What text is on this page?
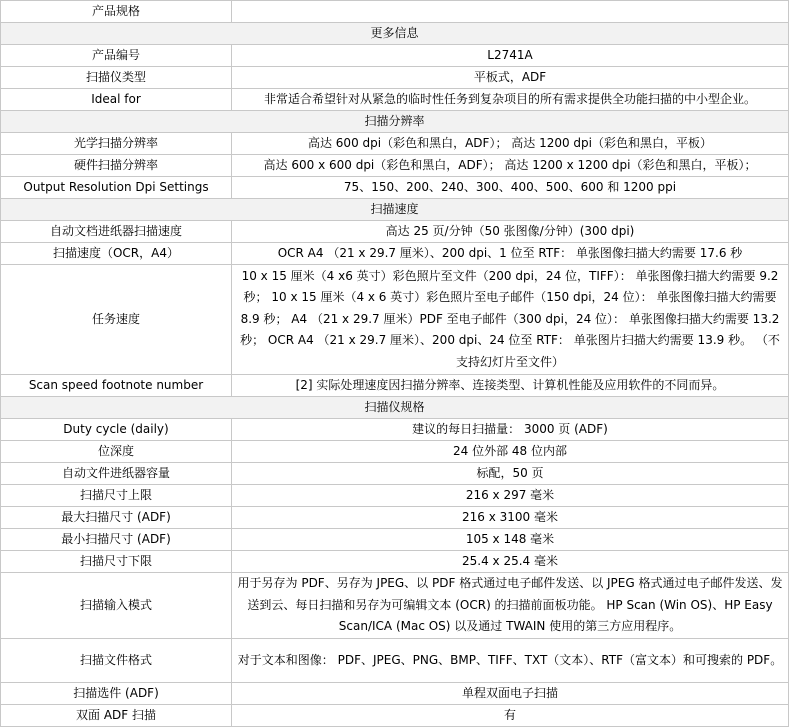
产品规格	
更多信息	
产品编号	L2741A
扫描仪类型	平板式，ADF
Ideal for	非常适合希望针对从紧急的临时性任务到复杂项目的所有需求提供全功能扫描的中小型企业。
扫描分辨率	
光学扫描分辨率	高达 600 dpi（彩色和黑白，ADF）； 高达 1200 dpi（彩色和黑白，平板）
硬件扫描分辨率	高达 600 x 600 dpi（彩色和黑白，ADF）； 高达 1200 x 1200 dpi（彩色和黑白，平板）；
Output Resolution Dpi Settings	75、150、200、240、300、400、500、600 和 1200 ppi
扫描速度	
自动文档进纸器扫描速度	高达 25 页/分钟（50 张图像/分钟）(300 dpi)
扫描速度（OCR，A4）	OCR A4 （21 x 29.7 厘米）、200 dpi、1 位至 RTF： 单张图像扫描大约需要 17.6 秒
任务速度	10 x 15 厘米（4 x6 英寸）彩色照片至文件（200 dpi，24 位，TIFF）： 单张图像扫描大约需要 9.2 秒； 10 x 15 厘米（4 x 6 英寸）彩色照片至电子邮件（150 dpi，24 位）： 单张图像扫描大约需要 8.9 秒； A4 （21 x 29.7 厘米）PDF 至电子邮件（300 dpi，24 位）： 单张图像扫描大约需要 13.2 秒； OCR A4 （21 x 29.7 厘米）、200 dpi、24 位至 RTF： 单张图片扫描大约需要 13.9 秒。 （不支持幻灯片至文件）
Scan speed footnote number	[2] 实际处理速度因扫描分辨率、连接类型、计算机性能及应用软件的不同而异。
扫描仪规格	
Duty cycle (daily)	建议的每日扫描量： 3000 页 (ADF)
位深度	24 位外部 48 位内部
自动文件进纸器容量	标配，50 页
扫描尺寸上限	216 x 297 毫米
最大扫描尺寸 (ADF)	216 x 3100 毫米
最小扫描尺寸 (ADF)	105 x 148 毫米
扫描尺寸下限	25.4 x 25.4 毫米
扫描输入模式	用于另存为 PDF、另存为 JPEG、以 PDF 格式通过电子邮件发送、以 JPEG 格式通过电子邮件发送、发送到云、每日扫描和另存为可编辑文本 (OCR) 的扫描前面板功能。 HP Scan (Win OS)、HP Easy Scan/ICA (Mac OS) 以及通过 TWAIN 使用的第三方应用程序。
扫描文件格式	对于文本和图像： PDF、JPEG、PNG、BMP、TIFF、TXT（文本）、RTF（富文本）和可搜索的 PDF。
扫描选件 (ADF)	单程双面电子扫描
双面 ADF 扫描	有
